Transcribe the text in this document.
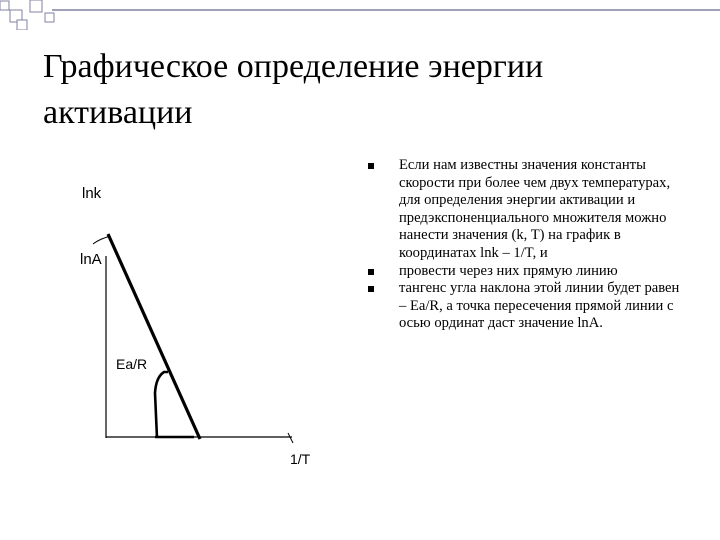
Графическое определение энергии активации
lnk
lnA
Ea/R
1/T
Если нам известны значения константы скорости при более чем двух температурах, для определения энергии активации и предэкспоненциального множителя можно нанести значения (k, T) на график в координатах lnk – 1/T, и
провести через них прямую линию
тангенс угла наклона этой линии будет равен – Ea/R, а точка пересечения прямой линии с осью ординат даст значение lnA.
